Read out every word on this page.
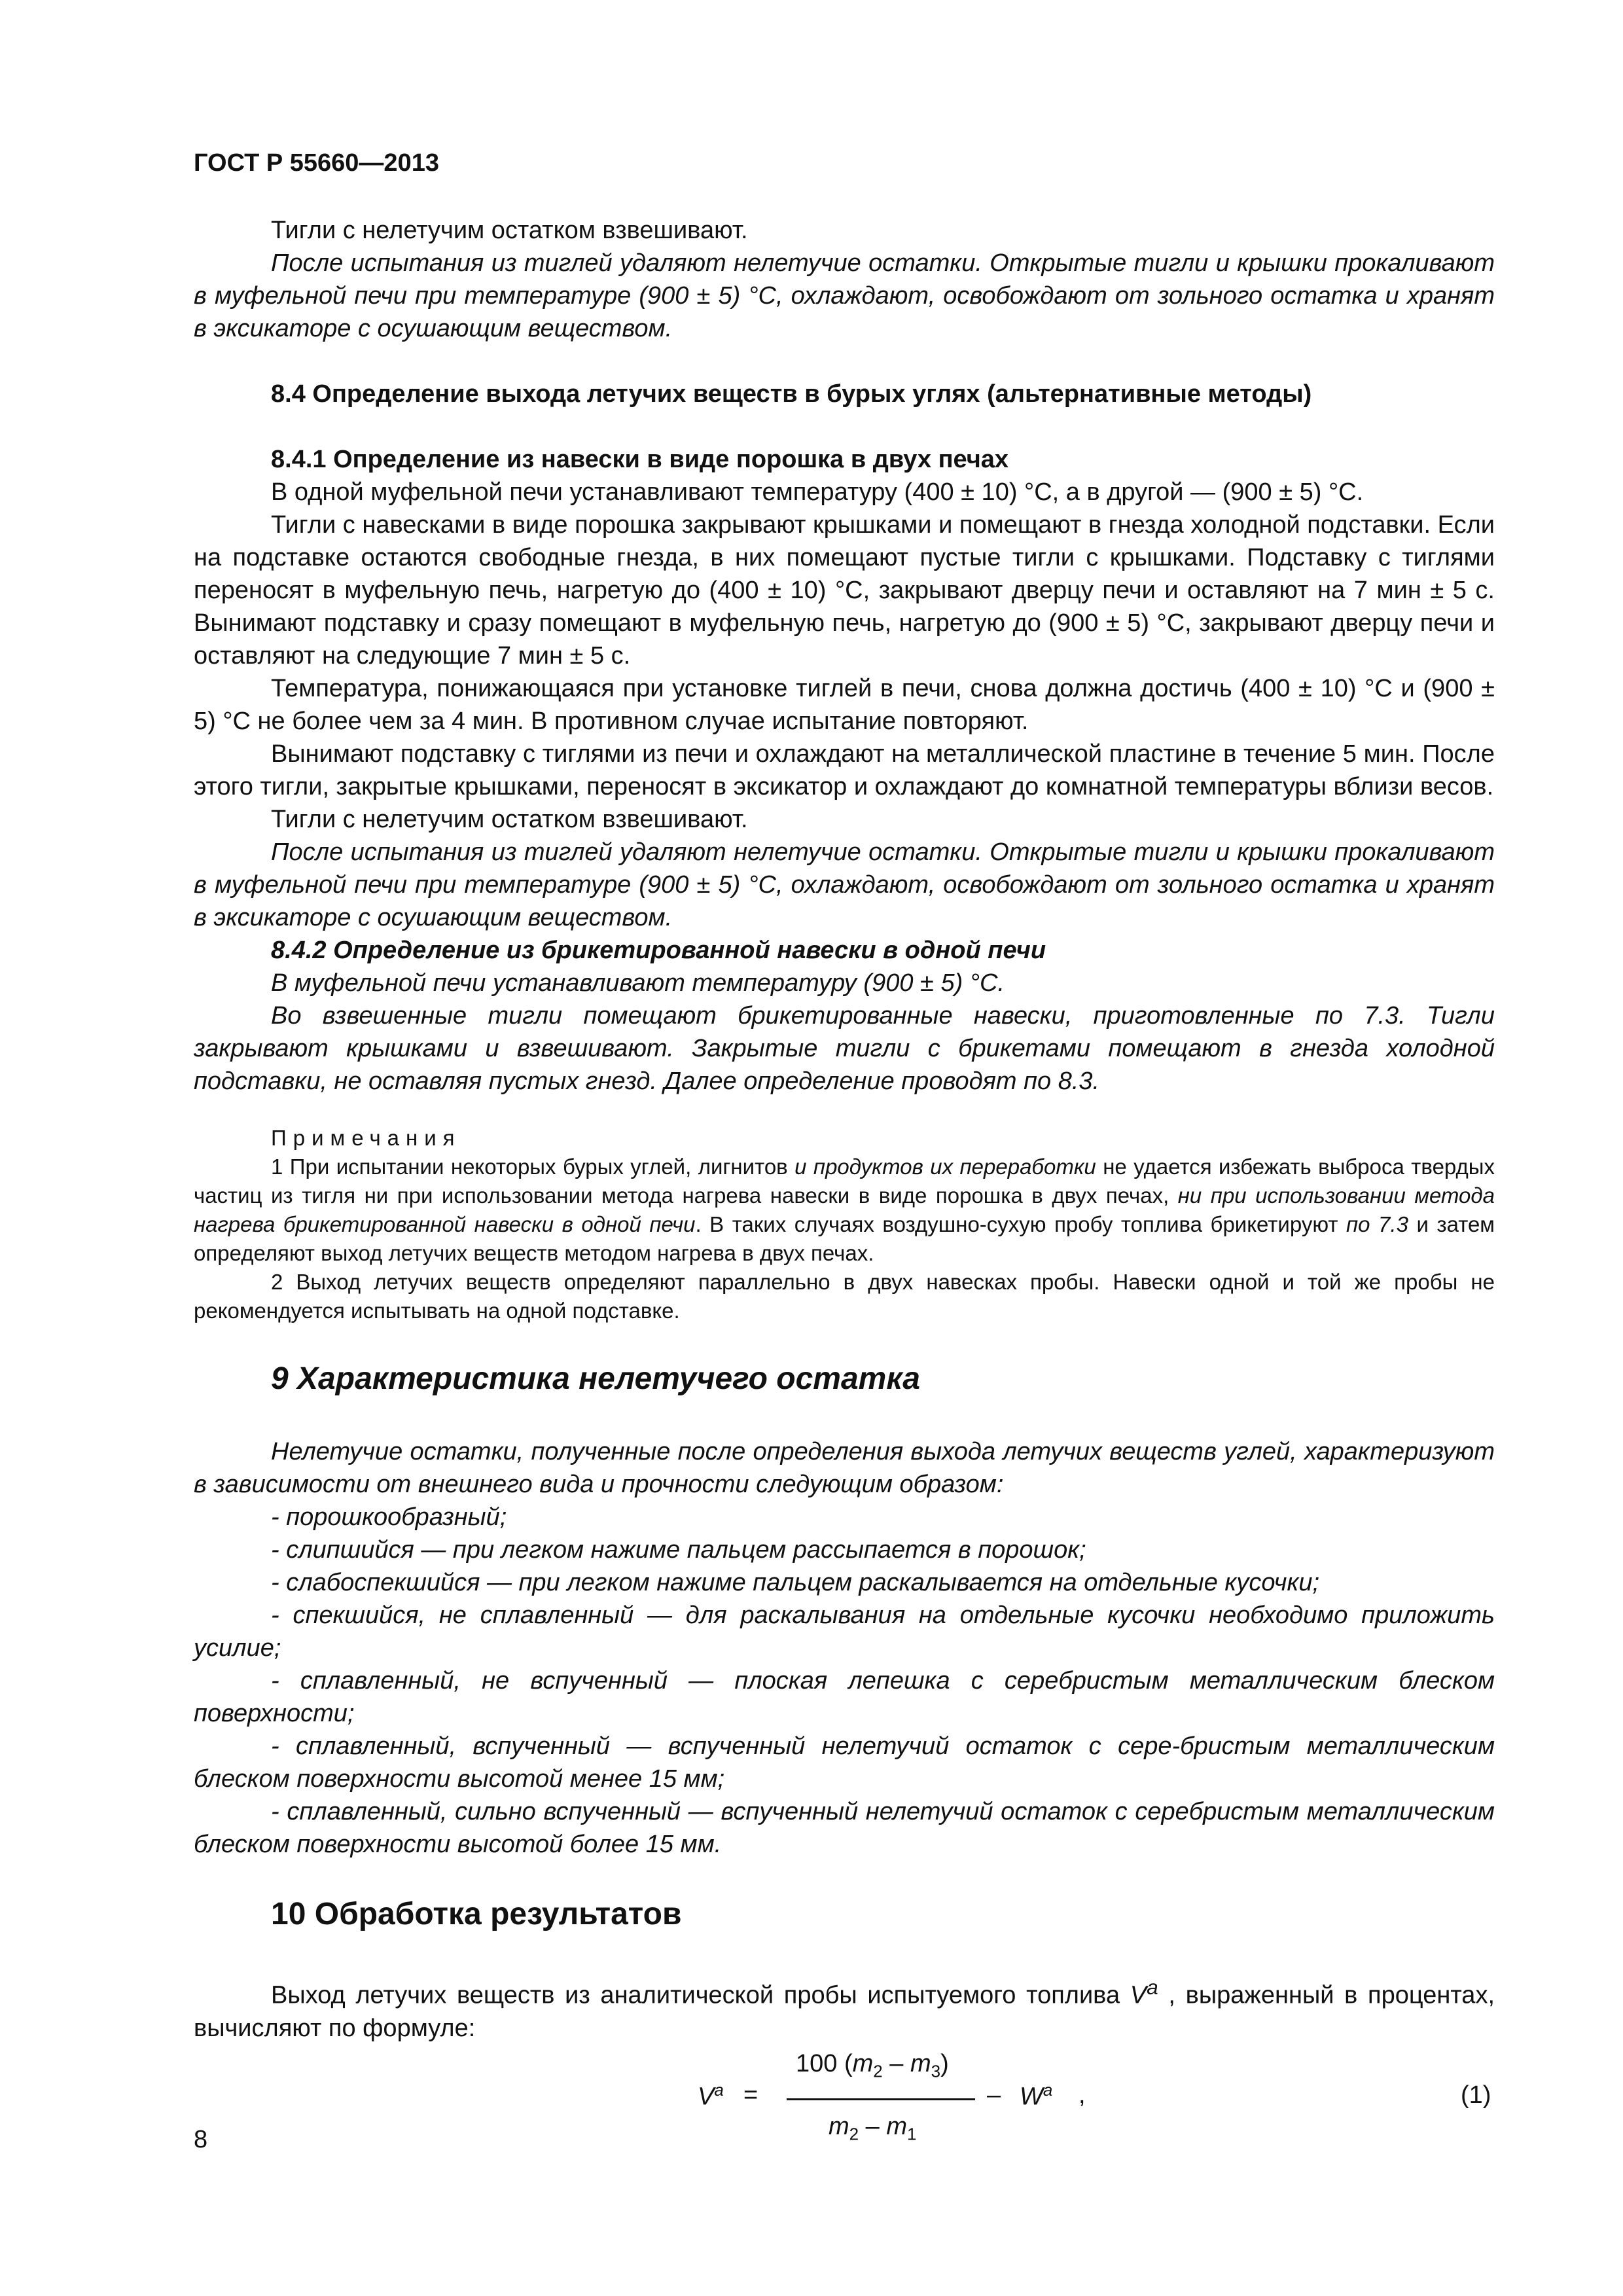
ГОСТ Р 55660—2013

Тигли с нелетучим остатком взвешивают.

После испытания из тиглей удаляют нелетучие остатки. Открытые тигли и крышки прокаливают в муфельной печи при температуре (900 ± 5) °С, охлаждают, освобождают от зольного остатка и хранят в эксикаторе с осушающим веществом.

8.4 Определение выхода летучих веществ в бурых углях (альтернативные методы)
8.4.1 Определение из навески в виде порошка в двух печах

В одной муфельной печи устанавливают температуру (400 ± 10) °С, а в другой — (900 ± 5) °С.

Тигли с навесками в виде порошка закрывают крышками и помещают в гнезда холодной подставки. Если на подставке остаются свободные гнезда, в них помещают пустые тигли с крышками. Подставку с тиглями переносят в муфельную печь, нагретую до (400 ± 10) °С, закрывают дверцу печи и оставляют на 7 мин ± 5 с. Вынимают подставку и сразу помещают в муфельную печь, нагретую до (900 ± 5) °С, закрывают дверцу печи и оставляют на следующие 7 мин ± 5 с.

Температура, понижающаяся при установке тиглей в печи, снова должна достичь (400 ± 10) °С и (900 ± 5) °С не более чем за 4 мин. В противном случае испытание повторяют.

Вынимают подставку с тиглями из печи и охлаждают на металлической пластине в течение 5 мин. После этого тигли, закрытые крышками, переносят в эксикатор и охлаждают до комнатной температуры вблизи весов.

Тигли с нелетучим остатком взвешивают.

После испытания из тиглей удаляют нелетучие остатки. Открытые тигли и крышки прокаливают в муфельной печи при температуре (900 ± 5) °С, охлаждают, освобождают от зольного остатка и хранят в эксикаторе с осушающим веществом.

8.4.2 Определение из брикетированной навески в одной печи

В муфельной печи устанавливают температуру (900 ± 5) °С.

Во взвешенные тигли помещают брикетированные навески, приготовленные по 7.3. Тигли закрывают крышками и взвешивают. Закрытые тигли с брикетами помещают в гнезда холодной подставки, не оставляя пустых гнезд. Далее определение проводят по 8.3.

Примечания

1 При испытании некоторых бурых углей, лигнитов и продуктов их переработки не удается избежать выброса твердых частиц из тигля ни при использовании метода нагрева навески в виде порошка в двух печах, ни при использовании метода нагрева брикетированной навески в одной печи. В таких случаях воздушно-сухую пробу топлива брикетируют по 7.3 и затем определяют выход летучих веществ методом нагрева в двух печах.

2 Выход летучих веществ определяют параллельно в двух навесках пробы. Навески одной и той же пробы не рекомендуется испытывать на одной подставке.

9 Характеристика нелетучего остатка

Нелетучие остатки, полученные после определения выхода летучих веществ углей, характеризуют в зависимости от внешнего вида и прочности следующим образом:

- порошкообразный;

- слипшийся — при легком нажиме пальцем рассыпается в порошок;

- слабоспекшийся — при легком нажиме пальцем раскалывается на отдельные кусочки;

- спекшийся, не сплавленный — для раскалывания на отдельные кусочки необходимо приложить усилие;

- сплавленный, не вспученный — плоская лепешка с серебристым металлическим блеском поверхности;

- сплавленный, вспученный — вспученный нелетучий остаток с сере-бристым металлическим блеском поверхности высотой менее 15 мм;

- сплавленный, сильно вспученный — вспученный нелетучий остаток с серебристым металлическим блеском поверхности высотой более 15 мм.

10 Обработка результатов

Выход летучих веществ из аналитической пробы испытуемого топлива $V^a$ , выраженный в процентах, вычисляют по формуле:

$V^a$ =
100 $(m_2 - m_3)$
$m_2 - m_1$
– $W^a$ ,	(1)
8
